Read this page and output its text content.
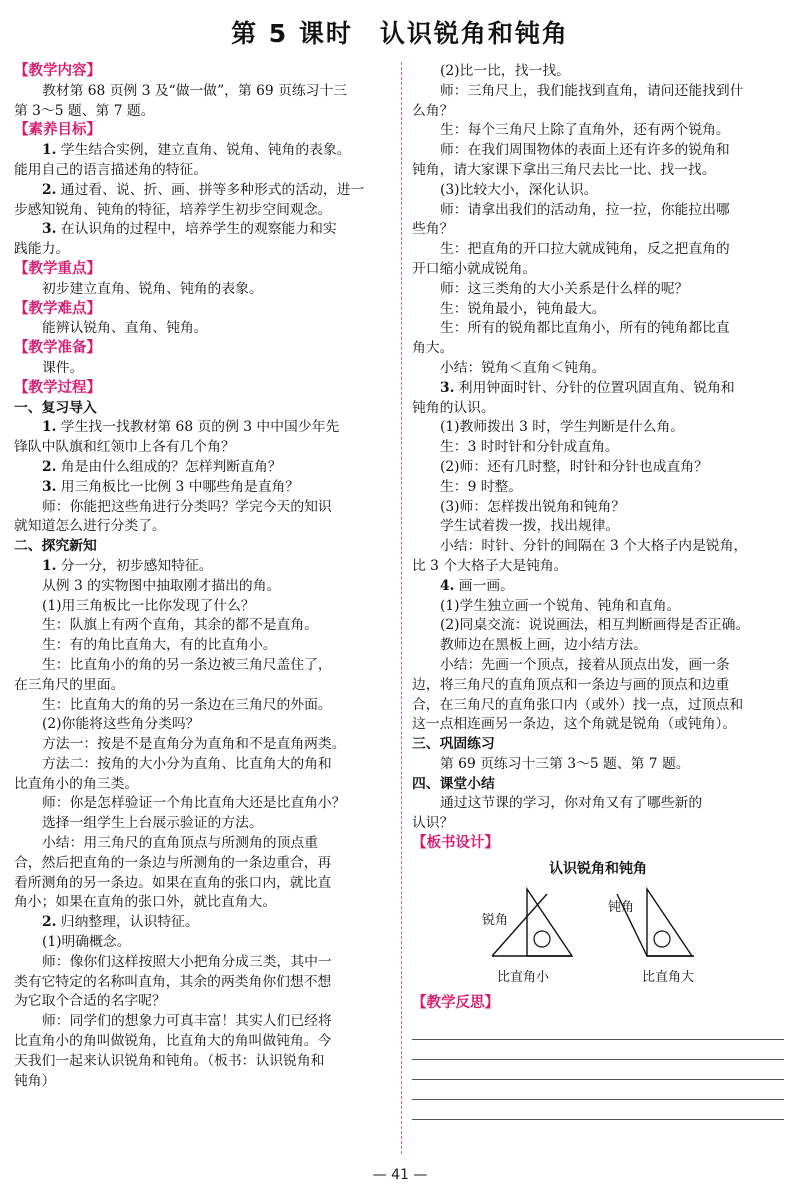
第 5 课时　认识锐角和钝角
【教学内容】
教材第 68 页例 3 及“做一做”，第 69 页练习十三
第 3～5 题、第 7 题。
【素养目标】
1. 学生结合实例，建立直角、锐角、钝角的表象。
能用自己的语言描述角的特征。
2. 通过看、说、折、画、拼等多种形式的活动，进一
步感知锐角、钝角的特征，培养学生初步空间观念。
3. 在认识角的过程中，培养学生的观察能力和实
践能力。
【教学重点】
初步建立直角、锐角、钝角的表象。
【教学难点】
能辨认锐角、直角、钝角。
【教学准备】
课件。
【教学过程】
一、复习导入
1. 学生找一找教材第 68 页的例 3 中中国少年先
锋队中队旗和红领巾上各有几个角？
2. 角是由什么组成的？怎样判断直角？
3. 用三角板比一比例 3 中哪些角是直角？
师：你能把这些角进行分类吗？学完今天的知识
就知道怎么进行分类了。
二、探究新知
1. 分一分，初步感知特征。
从例 3 的实物图中抽取刚才描出的角。
(1)用三角板比一比你发现了什么？
生：队旗上有两个直角，其余的都不是直角。
生：有的角比直角大，有的比直角小。
生：比直角小的角的另一条边被三角尺盖住了，
在三角尺的里面。
生：比直角大的角的另一条边在三角尺的外面。
(2)你能将这些角分类吗？
方法一：按是不是直角分为直角和不是直角两类。
方法二：按角的大小分为直角、比直角大的角和
比直角小的角三类。
师：你是怎样验证一个角比直角大还是比直角小？
选择一组学生上台展示验证的方法。
小结：用三角尺的直角顶点与所测角的顶点重
合，然后把直角的一条边与所测角的一条边重合，再
看所测角的另一条边。如果在直角的张口内，就比直
角小；如果在直角的张口外，就比直角大。
2. 归纳整理，认识特征。
(1)明确概念。
师：像你们这样按照大小把角分成三类，其中一
类有它特定的名称叫直角，其余的两类角你们想不想
为它取个合适的名字呢？
师：同学们的想象力可真丰富！其实人们已经将
比直角小的角叫做锐角，比直角大的角叫做钝角。今
天我们一起来认识锐角和钝角。（板书：认识锐角和
钝角）
(2)比一比，找一找。
师：三角尺上，我们能找到直角，请问还能找到什
么角？
生：每个三角尺上除了直角外，还有两个锐角。
师：在我们周围物体的表面上还有许多的锐角和
钝角，请大家课下拿出三角尺去比一比、找一找。
(3)比较大小，深化认识。
师：请拿出我们的活动角，拉一拉，你能拉出哪
些角？
生：把直角的开口拉大就成钝角，反之把直角的
开口缩小就成锐角。
师：这三类角的大小关系是什么样的呢？
生：锐角最小，钝角最大。
生：所有的锐角都比直角小，所有的钝角都比直
角大。
小结：锐角＜直角＜钝角。
3. 利用钟面时针、分针的位置巩固直角、锐角和
钝角的认识。
(1)教师拨出 3 时，学生判断是什么角。
生：3 时时针和分针成直角。
(2)师：还有几时整，时针和分针也成直角？
生：9 时整。
(3)师：怎样拨出锐角和钝角？
学生试着拨一拨，找出规律。
小结：时针、分针的间隔在 3 个大格子内是锐角，
比 3 个大格子大是钝角。
4. 画一画。
(1)学生独立画一个锐角、钝角和直角。
(2)同桌交流：说说画法，相互判断画得是否正确。
教师边在黑板上画，边小结方法。
小结：先画一个顶点，接着从顶点出发，画一条
边，将三角尺的直角顶点和一条边与画的顶点和边重
合，在三角尺的直角张口内（或外）找一点，过顶点和
这一点相连画另一条边，这个角就是锐角（或钝角）。
三、巩固练习
第 69 页练习十三第 3～5 题、第 7 题。
四、课堂小结
通过这节课的学习，你对角又有了哪些新的
认识？
【板书设计】
认识锐角和钝角
锐角
钝角
比直角小	比直角大
【教学反思】
— 41 —
